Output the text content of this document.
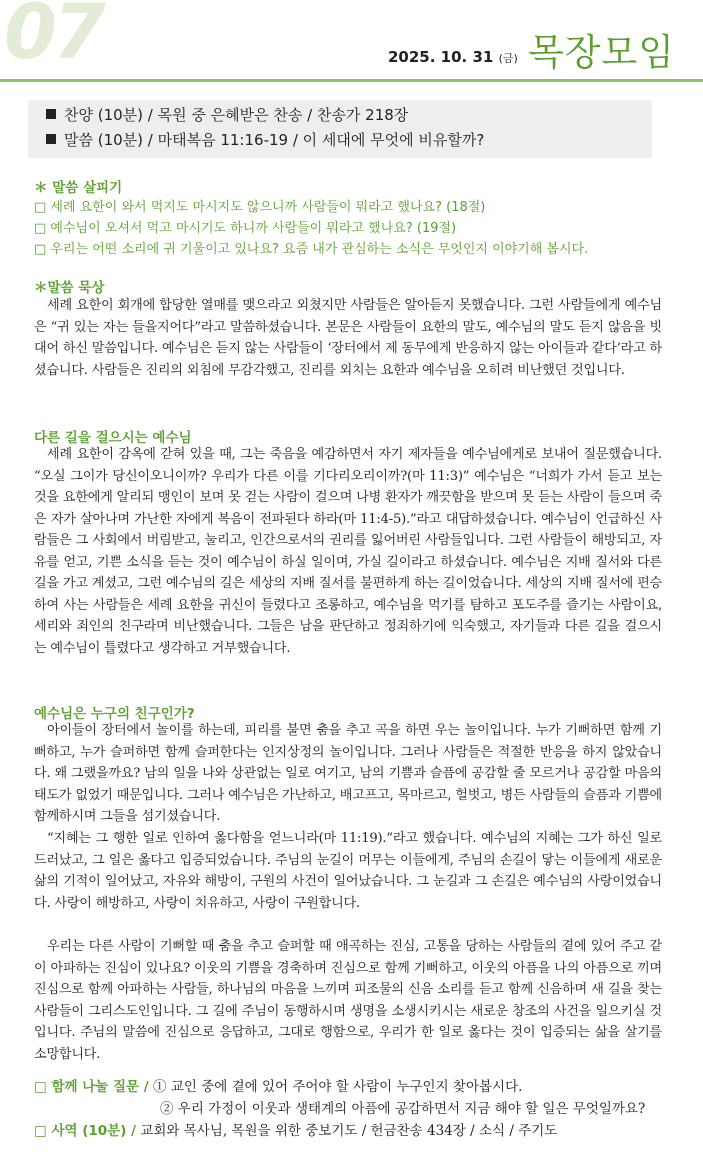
07	2025. 10. 31 (금) 목장모임
찬양 (10분) / 목원 중 은혜받은 찬송 / 찬송가 218장
말씀 (10분) / 마태복음 11:16-19 / 이 세대에 무엇에 비유할까?
＊ 말씀 살피기
□ 세례 요한이 와서 먹지도 마시지도 않으니까 사람들이 뭐라고 했나요? (18절)
□ 예수님이 오셔서 먹고 마시기도 하니까 사람들이 뭐라고 했나요? (19절)
□ 우리는 어떤 소리에 귀 기울이고 있나요? 요즘 내가 관심하는 소식은 무엇인지 이야기해 봅시다.
＊말씀 묵상

세례 요한이 회개에 합당한 열매를 맺으라고 외쳤지만 사람들은 알아듣지 못했습니다. 그런 사람들에게 예수님은 “귀 있는 자는 들을지어다”라고 말씀하셨습니다. 본문은 사람들이 요한의 말도, 예수님의 말도 듣지 않음을 빗대어 하신 말씀입니다. 예수님은 듣지 않는 사람들이 ‘장터에서 제 동무에게 반응하지 않는 아이들과 같다’라고 하셨습니다. 사람들은 진리의 외침에 무감각했고, 진리를 외치는 요한과 예수님을 오히려 비난했던 것입니다.

다른 길을 걸으시는 예수님

세례 요한이 감옥에 갇혀 있을 때, 그는 죽음을 예감하면서 자기 제자들을 예수님에게로 보내어 질문했습니다. “오실 그이가 당신이오니이까? 우리가 다른 이를 기다리오리이까?(마 11:3)” 예수님은 “너희가 가서 듣고 보는 것을 요한에게 알리되 맹인이 보며 못 걷는 사람이 걸으며 나병 환자가 깨끗함을 받으며 못 듣는 사람이 들으며 죽은 자가 살아나며 가난한 자에게 복음이 전파된다 하라(마 11:4-5).”라고 대답하셨습니다. 예수님이 언급하신 사람들은 그 사회에서 버림받고, 눌리고, 인간으로서의 권리를 잃어버린 사람들입니다. 그런 사람들이 해방되고, 자유를 얻고, 기쁜 소식을 듣는 것이 예수님이 하실 일이며, 가실 길이라고 하셨습니다. 예수님은 지배 질서와 다른 길을 가고 계셨고, 그런 예수님의 길은 세상의 지배 질서를 불편하게 하는 길이었습니다. 세상의 지배 질서에 편승하여 사는 사람들은 세례 요한을 귀신이 들렸다고 조롱하고, 예수님을 먹기를 탐하고 포도주를 즐기는 사람이요, 세리와 죄인의 친구라며 비난했습니다. 그들은 남을 판단하고 정죄하기에 익숙했고, 자기들과 다른 길을 걸으시는 예수님이 틀렸다고 생각하고 거부했습니다.

예수님은 누구의 친구인가?

아이들이 장터에서 놀이를 하는데, 피리를 불면 춤을 추고 곡을 하면 우는 놀이입니다. 누가 기뻐하면 함께 기뻐하고, 누가 슬퍼하면 함께 슬퍼한다는 인지상정의 놀이입니다. 그러나 사람들은 적절한 반응을 하지 않았습니다. 왜 그랬을까요? 남의 일을 나와 상관없는 일로 여기고, 남의 기쁨과 슬픔에 공감할 줄 모르거나 공감할 마음의 태도가 없었기 때문입니다. 그러나 예수님은 가난하고, 배고프고, 목마르고, 헐벗고, 병든 사람들의 슬픔과 기쁨에 함께하시며 그들을 섬기셨습니다.

“지혜는 그 행한 일로 인하여 옳다함을 얻느니라(마 11:19).”라고 했습니다. 예수님의 지혜는 그가 하신 일로 드러났고, 그 일은 옳다고 입증되었습니다. 주님의 눈길이 머무는 이들에게, 주님의 손길이 닿는 이들에게 새로운 삶의 기적이 일어났고, 자유와 해방이, 구원의 사건이 일어났습니다. 그 눈길과 그 손길은 예수님의 사랑이었습니다. 사랑이 해방하고, 사랑이 치유하고, 사랑이 구원합니다.

우리는 다른 사람이 기뻐할 때 춤을 추고 슬퍼할 때 애곡하는 진심, 고통을 당하는 사람들의 곁에 있어 주고 같이 아파하는 진심이 있나요? 이웃의 기쁨을 경축하며 진심으로 함께 기뻐하고, 이웃의 아픔을 나의 아픔으로 끼며 진심으로 함께 아파하는 사람들, 하나님의 마음을 느끼며 피조물의 신음 소리를 듣고 함께 신음하며 새 길을 찾는 사람들이 그리스도인입니다. 그 길에 주님이 동행하시며 생명을 소생시키시는 새로운 창조의 사건을 일으키실 것입니다. 주님의 말씀에 진심으로 응답하고, 그대로 행함으로, 우리가 한 일로 옳다는 것이 입증되는 삶을 살기를 소망합니다.

□ 함께 나눌 질문 / ① 교인 중에 곁에 있어 주어야 할 사람이 누구인지 찾아봅시다.
② 우리 가정이 이웃과 생태계의 아픔에 공감하면서 지금 해야 할 일은 무엇일까요?
□ 사역 (10분) / 교회와 목사님, 목원을 위한 중보기도 / 헌금찬송 434장 / 소식 / 주기도
